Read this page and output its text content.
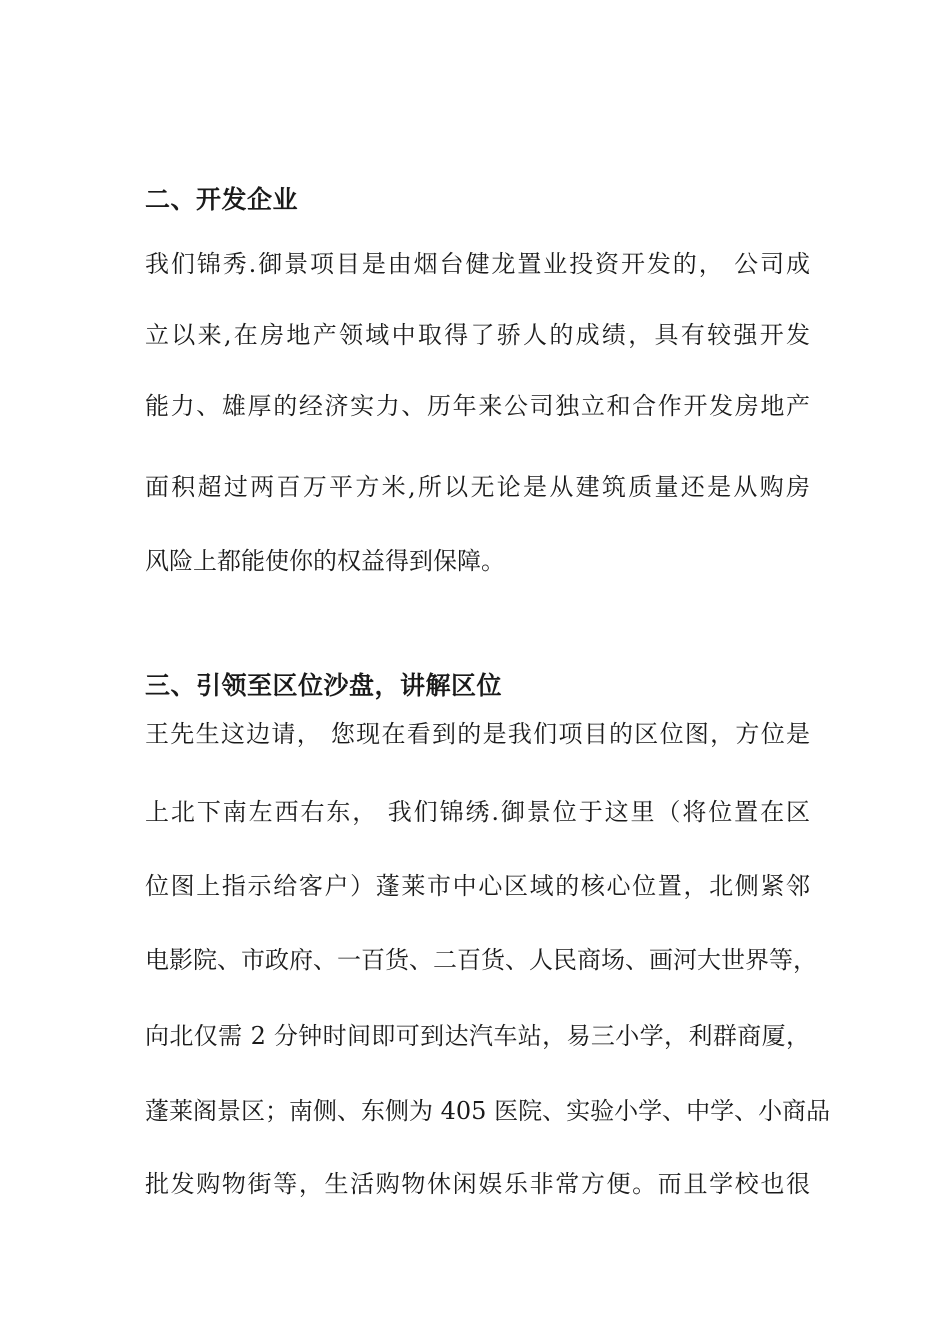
二、开发企业
我们锦秀.御景项目是由烟台健龙置业投资开发的， 公司成
立以来,在房地产领域中取得了骄人的成绩，具有较强开发
能力、雄厚的经济实力、历年来公司独立和合作开发房地产
面积超过两百万平方米,所以无论是从建筑质量还是从购房
风险上都能使你的权益得到保障。
三、引领至区位沙盘，讲解区位
王先生这边请， 您现在看到的是我们项目的区位图，方位是
上北下南左西右东， 我们锦绣.御景位于这里（将位置在区
位图上指示给客户）蓬莱市中心区域的核心位置，北侧紧邻
电影院、市政府、一百货、二百货、人民商场、画河大世界等，
向北仅需 2 分钟时间即可到达汽车站，易三小学，利群商厦，
蓬莱阁景区；南侧、东侧为 405 医院、实验小学、中学、小商品
批发购物街等，生活购物休闲娱乐非常方便。而且学校也很
